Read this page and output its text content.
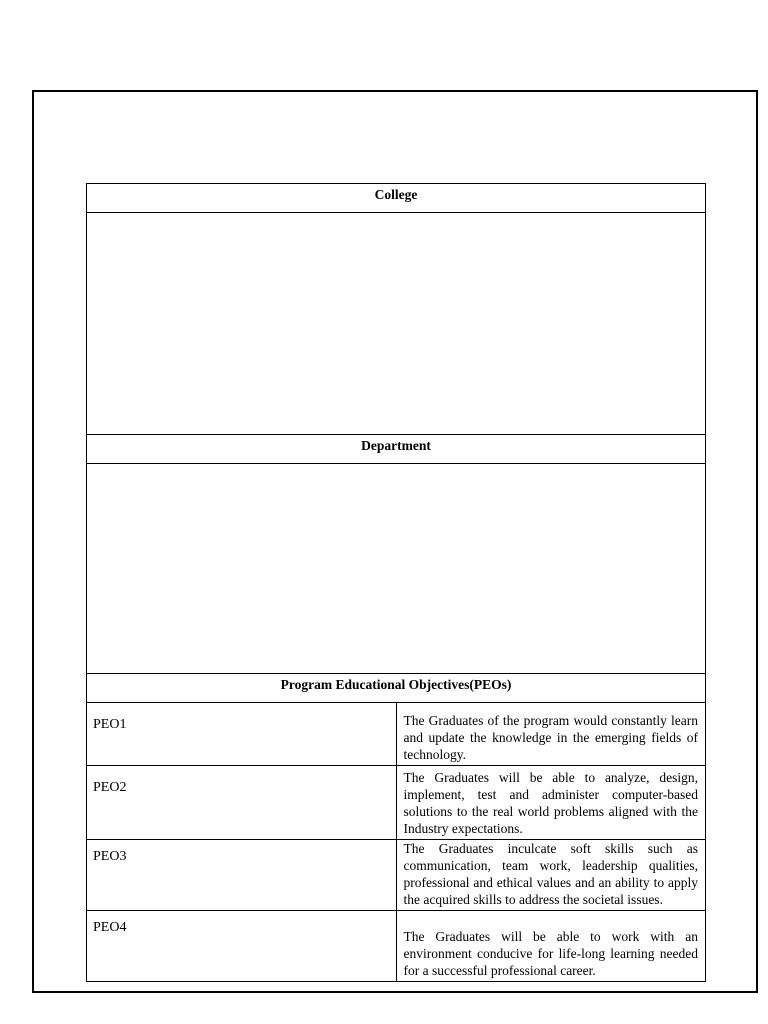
College	

Department	

Program Educational Objectives(PEOs)	
PEO1	The Graduates of the program would constantly learn and update the knowledge in the emerging fields of technology.
PEO2	The Graduates will be able to analyze, design, implement, test and administer computer-based solutions to the real world problems aligned with the Industry expectations.
PEO3	The Graduates inculcate soft skills such as communication, team work, leadership qualities, professional and ethical values and an ability to apply the acquired skills to address the societal issues.
PEO4	The Graduates will be able to work with an environment conducive for life-long learning needed for a successful professional career.
